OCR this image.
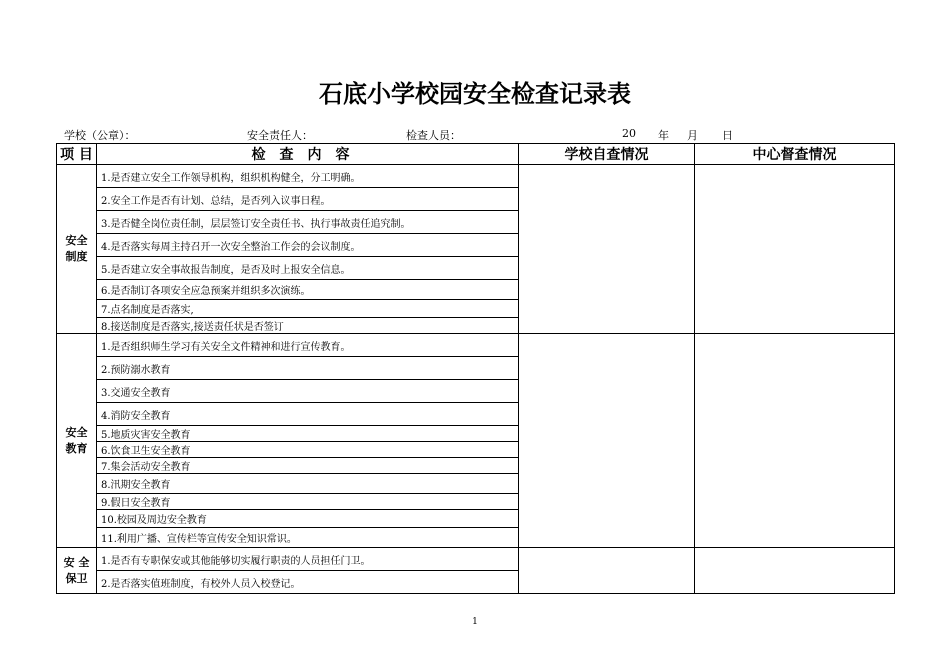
石底小学校园安全检查记录表
学校（公章）：	安全责任人：	检查人员：	20 年 月 日
项 目	检查内容	学校自查情况	中心督查情况

安全
制度	1.是否建立安全工作领导机构，组织机构健全，分工明确。		
	2.安全工作是否有计划、总结，是否列入议事日程。		
	3.是否健全岗位责任制，层层签订安全责任书、执行事故责任追究制。		
	4.是否落实每周主持召开一次安全整治工作会的会议制度。		
	5.是否建立安全事故报告制度，是否及时上报安全信息。		
	6.是否制订各项安全应急预案并组织多次演练。		
	7.点名制度是否落实,		
	8.接送制度是否落实,接送责任状是否签订		

安全
教育	1.是否组织师生学习有关安全文件精神和进行宣传教育。		
	2.预防溺水教育		
	3.交通安全教育		
	4.消防安全教育		
	5.地质灾害安全教育		
	6.饮食卫生安全教育		
	7.集会活动安全教育		
	8.汛期安全教育		
	9.假日安全教育		
	10.校园及周边安全教育		
	11.利用广播、宣传栏等宣传安全知识常识。		

安 全
保卫	1.是否有专职保安或其他能够切实履行职责的人员担任门卫。		
	2.是否落实值班制度，有校外人员入校登记。		
1
